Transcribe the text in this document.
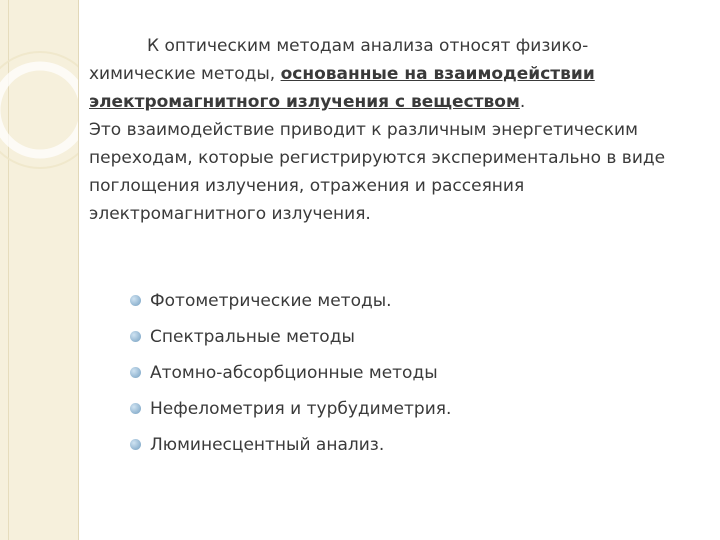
К оптическим методам анализа относят физико-химические методы, основанные на взаимодействии электромагнитного излучения с веществом.
Это взаимодействие приводит к различным энергетическим переходам, которые регистрируются экспериментально в виде поглощения излучения, отражения и рассеяния электромагнитного излучения.

Фотометрические методы.
Спектральные методы
Атомно-абсорбционные методы
Нефелометрия и турбудиметрия.
Люминесцентный анализ.
